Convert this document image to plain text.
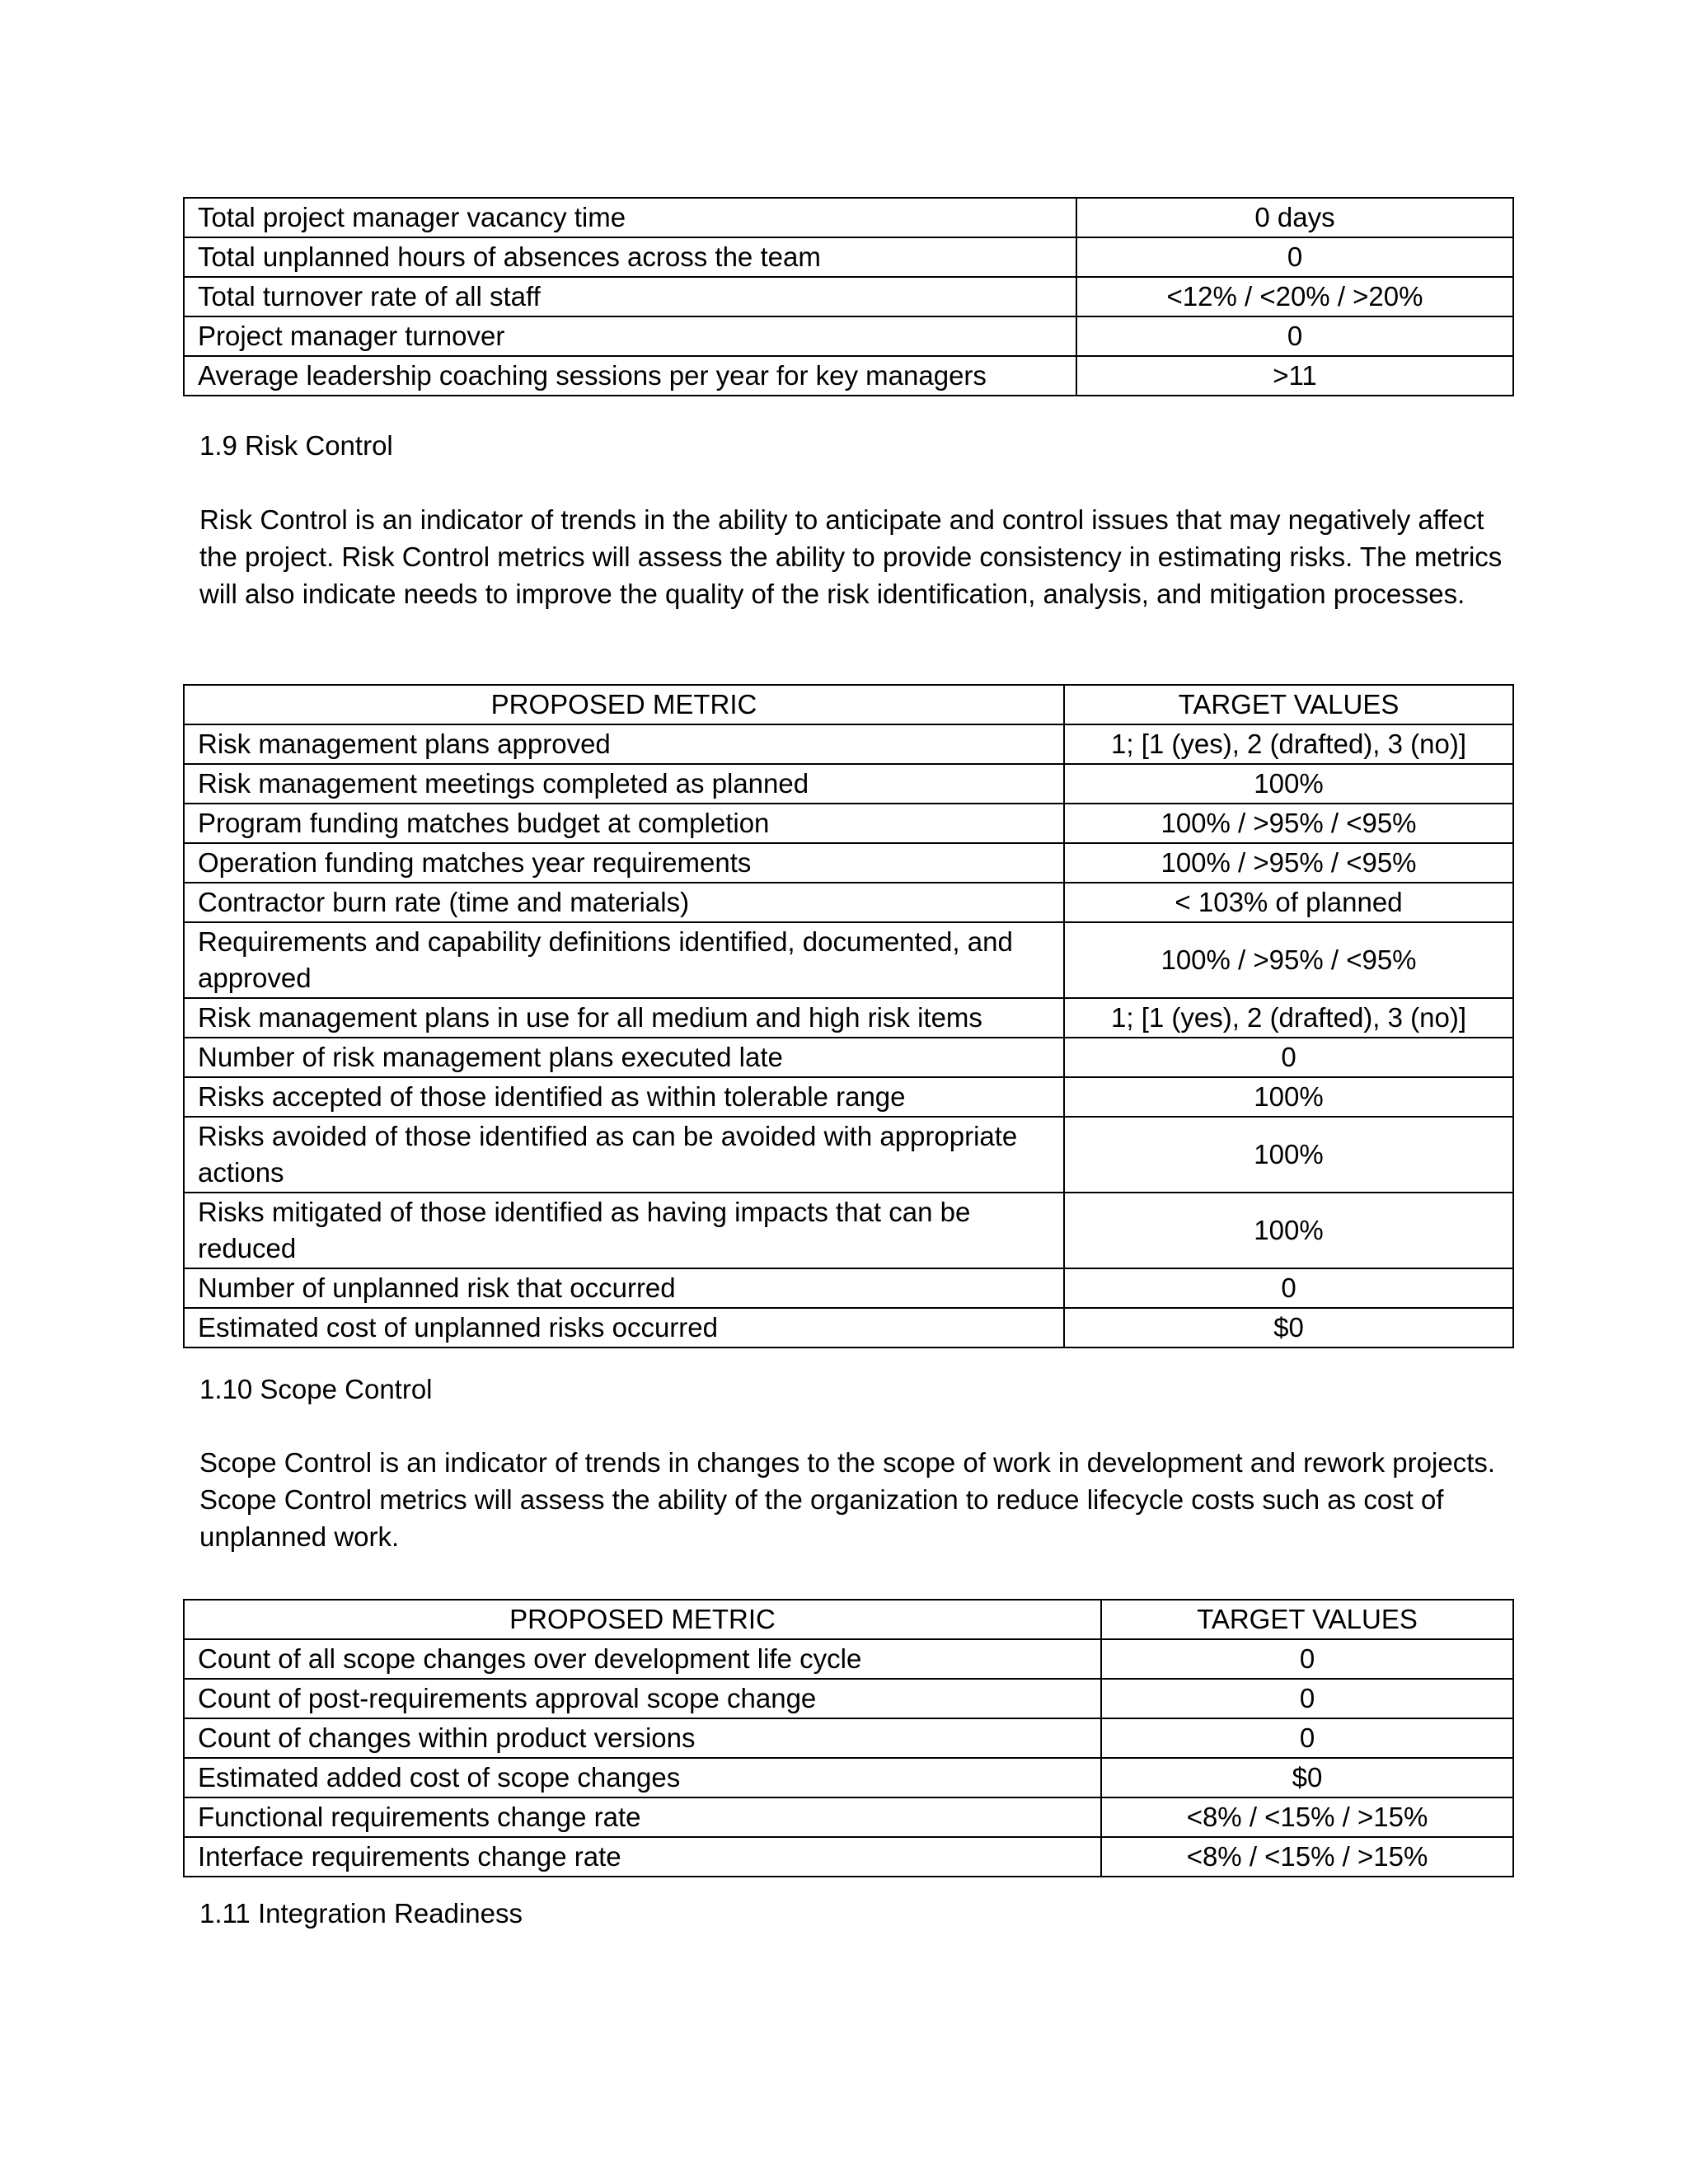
Total project manager vacancy time	0 days
Total unplanned hours of absences across the team	0
Total turnover rate of all staff	<12% / <20% / >20%
Project manager turnover	0
Average leadership coaching sessions per year for key managers	>11
1.9 Risk Control

Risk Control is an indicator of trends in the ability to anticipate and control issues that may negatively affect the project. Risk Control metrics will assess the ability to provide consistency in estimating risks. The metrics will also indicate needs to improve the quality of the risk identification, analysis, and mitigation processes.

PROPOSED METRIC	TARGET VALUES
Risk management plans approved	1; [1 (yes), 2 (drafted), 3 (no)]
Risk management meetings completed as planned	100%
Program funding matches budget at completion	100% / >95% / <95%
Operation funding matches year requirements	100% / >95% / <95%
Contractor burn rate (time and materials)	< 103% of planned
Requirements and capability definitions identified, documented, and approved	100% / >95% / <95%
Risk management plans in use for all medium and high risk items	1; [1 (yes), 2 (drafted), 3 (no)]
Number of risk management plans executed late	0
Risks accepted of those identified as within tolerable range	100%
Risks avoided of those identified as can be avoided with appropriate actions	100%
Risks mitigated of those identified as having impacts that can be reduced	100%
Number of unplanned risk that occurred	0
Estimated cost of unplanned risks occurred	$0
1.10 Scope Control

Scope Control is an indicator of trends in changes to the scope of work in development and rework projects. Scope Control metrics will assess the ability of the organization to reduce lifecycle costs such as cost of unplanned work.

PROPOSED METRIC	TARGET VALUES
Count of all scope changes over development life cycle	0
Count of post-requirements approval scope change	0
Count of changes within product versions	0
Estimated added cost of scope changes	$0
Functional requirements change rate	<8% / <15% / >15%
Interface requirements change rate	<8% / <15% / >15%
1.11 Integration Readiness
